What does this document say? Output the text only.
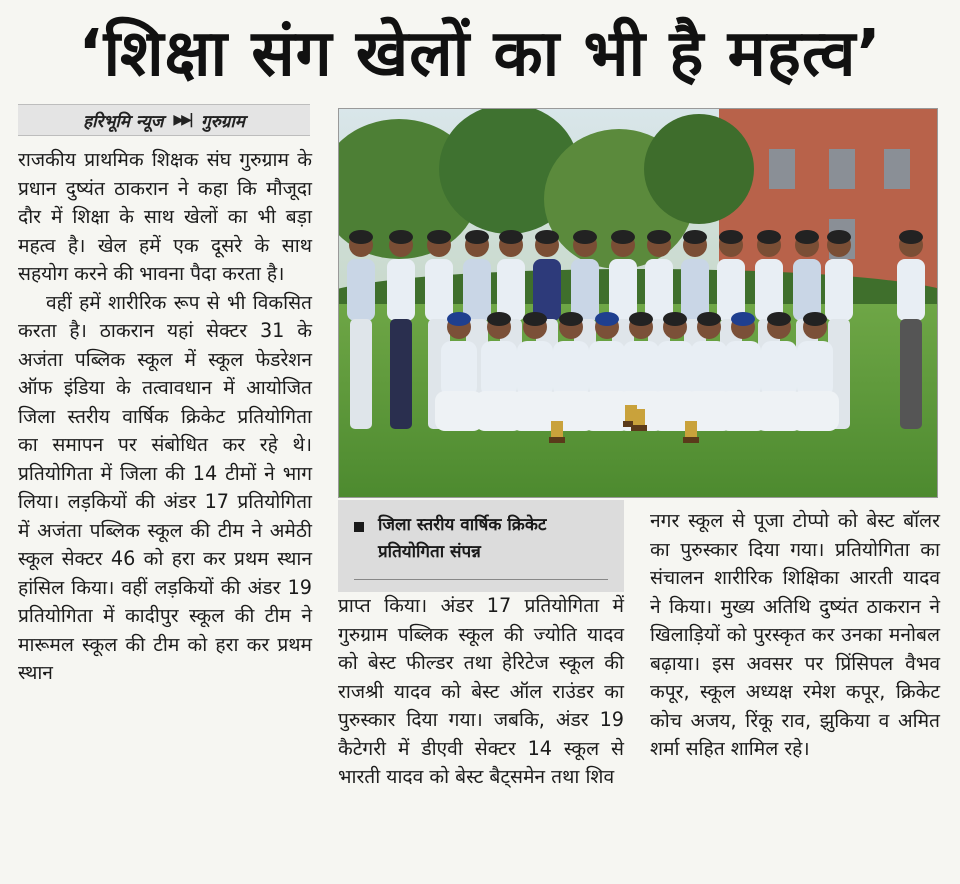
‘शिक्षा संग खेलों का भी है महत्व’
हरिभूमि न्यूज ▶▶| गुरुग्राम

राजकीय प्राथमिक शिक्षक संघ गुरुग्राम के प्रधान दुष्यंत ठाकरान ने कहा कि मौजूदा दौर में शिक्षा के साथ खेलों का भी बड़ा महत्व है। खेल हमें एक दूसरे के साथ सहयोग करने की भावना पैदा करता है।

वहीं हमें शारीरिक रूप से भी विकसित करता है। ठाकरान यहां सेक्टर 31 के अजंता पब्लिक स्कूल में स्कूल फेडरेशन ऑफ इंडिया के तत्वावधान में आयोजित जिला स्तरीय वार्षिक क्रिकेट प्रतियोगिता का समापन पर संबोधित कर रहे थे। प्रतियोगिता में जिला की 14 टीमों ने भाग लिया। लड़कियों की अंडर 17 प्रतियोगिता में अजंता पब्लिक स्कूल की टीम ने अमेठी स्कूल सेक्टर 46 को हरा कर प्रथम स्थान हांसिल किया। वहीं लड़कियों की अंडर 19 प्रतियोगिता में कादीपुर स्कूल की टीम ने मारूमल स्कूल की टीम को हरा कर प्रथम स्थान

जिला स्तरीय वार्षिक क्रिकेट प्रतियोगिता संपन्न

प्राप्त किया। अंडर 17 प्रतियोगिता में गुरुग्राम पब्लिक स्कूल की ज्योति यादव को बेस्ट फील्डर तथा हेरिटेज स्कूल की राजश्री यादव को बेस्ट ऑल राउंडर का पुरुस्कार दिया गया। जबकि, अंडर 19 कैटेगरी में डीएवी सेक्टर 14 स्कूल से भारती यादव को बेस्ट बैट्समेन तथा शिव

नगर स्कूल से पूजा टोप्पो को बेस्ट बॉलर का पुरुस्कार दिया गया। प्रतियोगिता का संचालन शारीरिक शिक्षिका आरती यादव ने किया। मुख्य अतिथि दुष्यंत ठाकरान ने खिलाड़ियों को पुरस्कृत कर उनका मनोबल बढ़ाया। इस अवसर पर प्रिंसिपल वैभव कपूर, स्कूल अध्यक्ष रमेश कपूर, क्रिकेट कोच अजय, रिंकू राव, झुकिया व अमित शर्मा सहित शामिल रहे।
